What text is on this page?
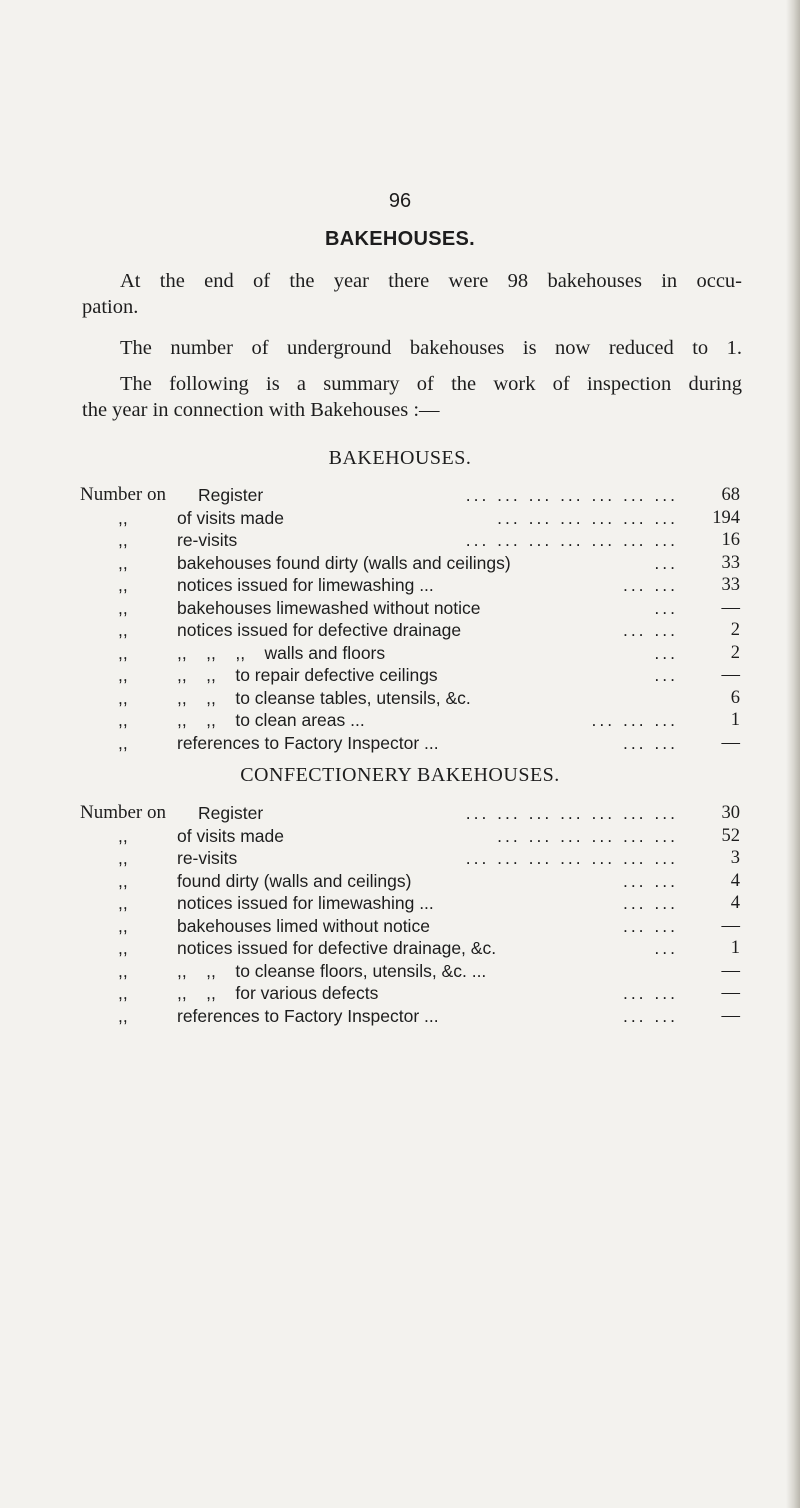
96
BAKEHOUSES.
At the end of the year there were 98 bakehouses in occu-
pation.
The number of underground bakehouses is now reduced to 1.
The following is a summary of the work of inspection during
the year in connection with Bakehouses :—
BAKEHOUSES.
Number on Register	... ... ... ... ... ... ...	68
,,	of visits made	... ... ... ... ... ...	194
,,	re-visits	... ... ... ... ... ... ...	16
,,	bakehouses found dirty (walls and ceilings)	...	33
,,	notices issued for limewashing ...	... ...	33
,,	bakehouses limewashed without notice	...	—
,,	notices issued for defective drainage	... ...	2
,,	,,    ,,    ,,    walls and floors	...	2
,,	,,    ,,    to repair defective ceilings	...	—
,,	,,    ,,    to cleanse tables, utensils, &c.	6
,,	,,    ,,    to clean areas ...	... ... ...	1
,,	references to Factory Inspector ...	... ...	—
CONFECTIONERY BAKEHOUSES.
Number on Register	... ... ... ... ... ... ...	30
,,	of visits made	... ... ... ... ... ...	52
,,	re-visits	... ... ... ... ... ... ...	3
,,	found dirty (walls and ceilings)	... ...	4
,,	notices issued for limewashing ...	... ...	4
,,	bakehouses limed without notice	... ...	—
,,	notices issued for defective drainage, &c.	...	1
,,	,,    ,,    to cleanse floors, utensils, &c. ...	—
,,	,,    ,,    for various defects	... ...	—
,,	references to Factory Inspector ...	... ...	—
